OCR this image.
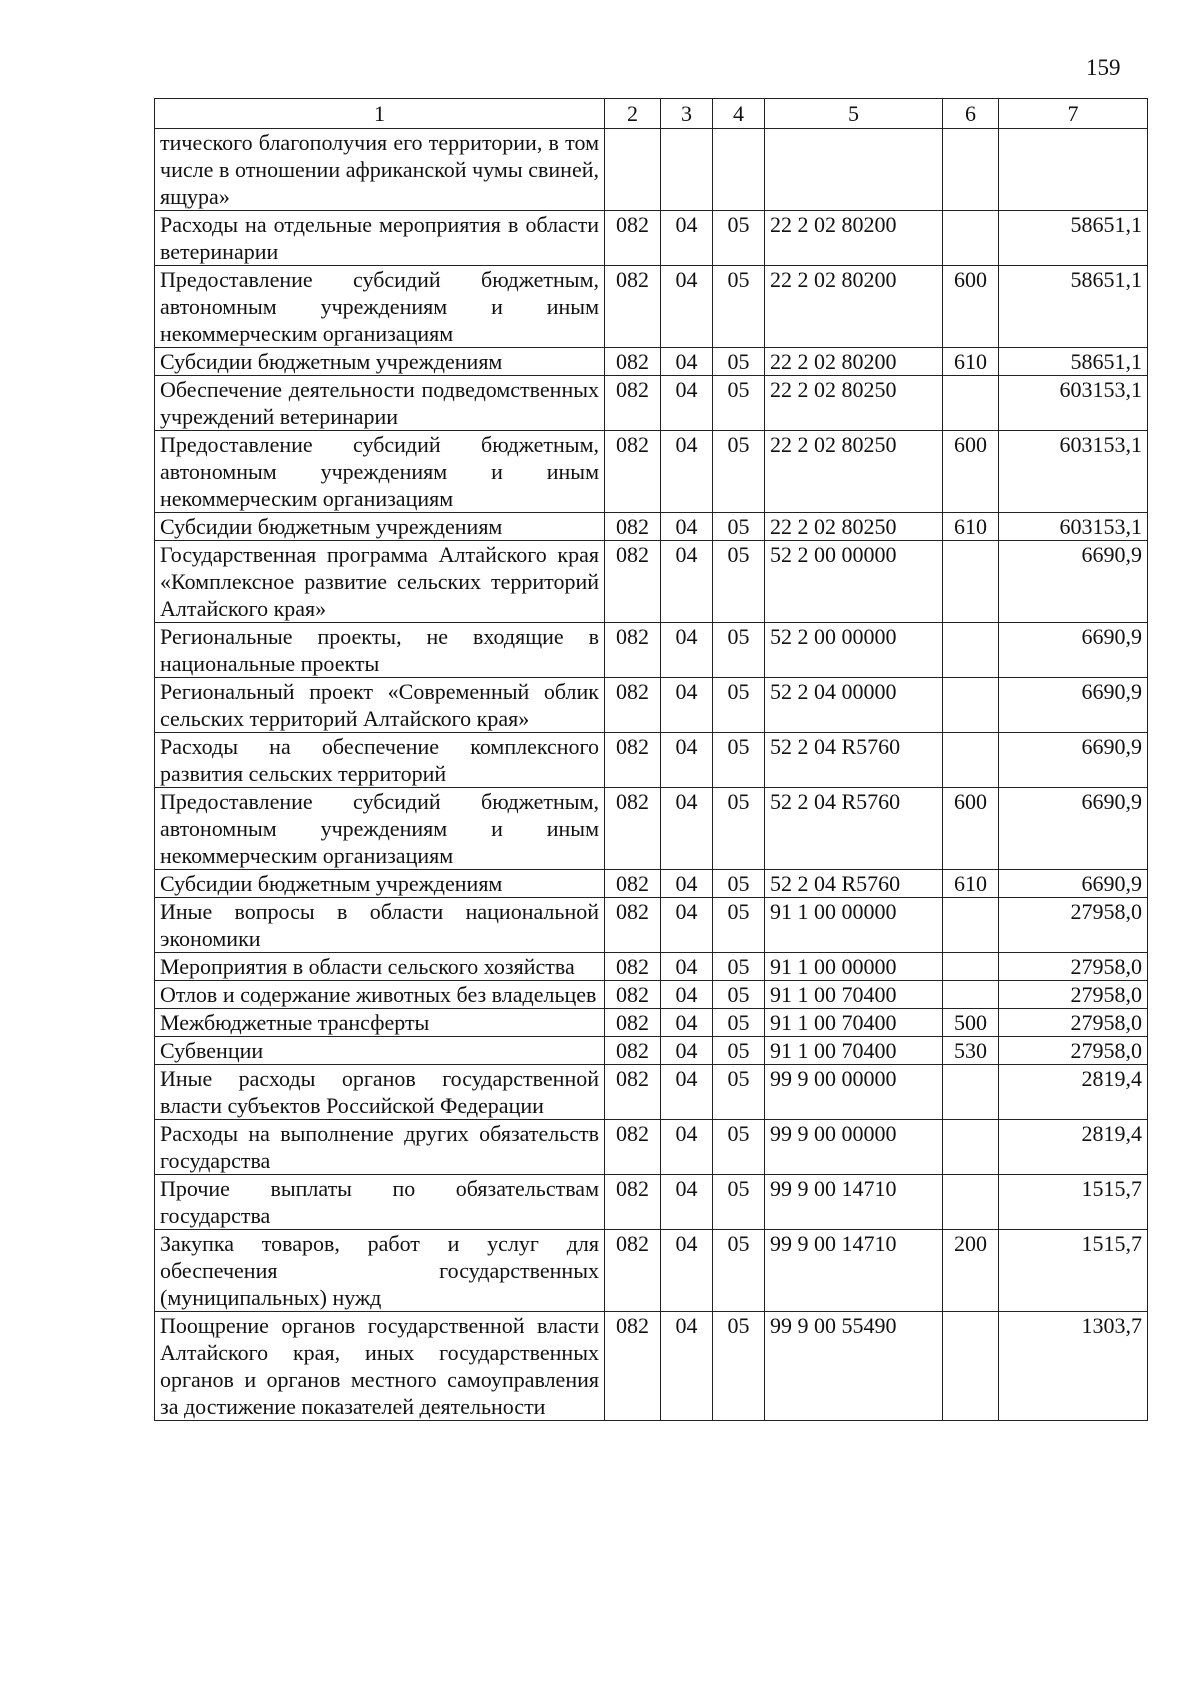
159
1	2	3	4	5	6	7
тического благополучия его территории, в том числе в отношении африканской чумы свиней, ящура»						
Расходы на отдельные мероприятия в области ветеринарии	082	04	05	22 2 02 80200		58651,1
Предоставление субсидий бюджетным, автономным учреждениям и иным некоммерческим организациям	082	04	05	22 2 02 80200	600	58651,1
Субсидии бюджетным учреждениям	082	04	05	22 2 02 80200	610	58651,1
Обеспечение деятельности подведомственных учреждений ветеринарии	082	04	05	22 2 02 80250		603153,1
Предоставление субсидий бюджетным, автономным учреждениям и иным некоммерческим организациям	082	04	05	22 2 02 80250	600	603153,1
Субсидии бюджетным учреждениям	082	04	05	22 2 02 80250	610	603153,1
Государственная программа Алтайского края «Комплексное развитие сельских территорий Алтайского края»	082	04	05	52 2 00 00000		6690,9
Региональные проекты, не входящие в национальные проекты	082	04	05	52 2 00 00000		6690,9
Региональный проект «Современный облик сельских территорий Алтайского края»	082	04	05	52 2 04 00000		6690,9
Расходы на обеспечение комплексного развития сельских территорий	082	04	05	52 2 04 R5760		6690,9
Предоставление субсидий бюджетным, автономным учреждениям и иным некоммерческим организациям	082	04	05	52 2 04 R5760	600	6690,9
Субсидии бюджетным учреждениям	082	04	05	52 2 04 R5760	610	6690,9
Иные вопросы в области национальной экономики	082	04	05	91 1 00 00000		27958,0
Мероприятия в области сельского хозяйства	082	04	05	91 1 00 00000		27958,0
Отлов и содержание животных без владельцев	082	04	05	91 1 00 70400		27958,0
Межбюджетные трансферты	082	04	05	91 1 00 70400	500	27958,0
Субвенции	082	04	05	91 1 00 70400	530	27958,0
Иные расходы органов государственной власти субъектов Российской Федерации	082	04	05	99 9 00 00000		2819,4
Расходы на выполнение других обязательств государства	082	04	05	99 9 00 00000		2819,4
Прочие выплаты по обязательствам государства	082	04	05	99 9 00 14710		1515,7
Закупка товаров, работ и услуг для обеспечения государственных (муниципальных) нужд	082	04	05	99 9 00 14710	200	1515,7
Поощрение органов государственной власти Алтайского края, иных государственных органов и органов местного самоуправления за достижение показателей деятельности	082	04	05	99 9 00 55490		1303,7
